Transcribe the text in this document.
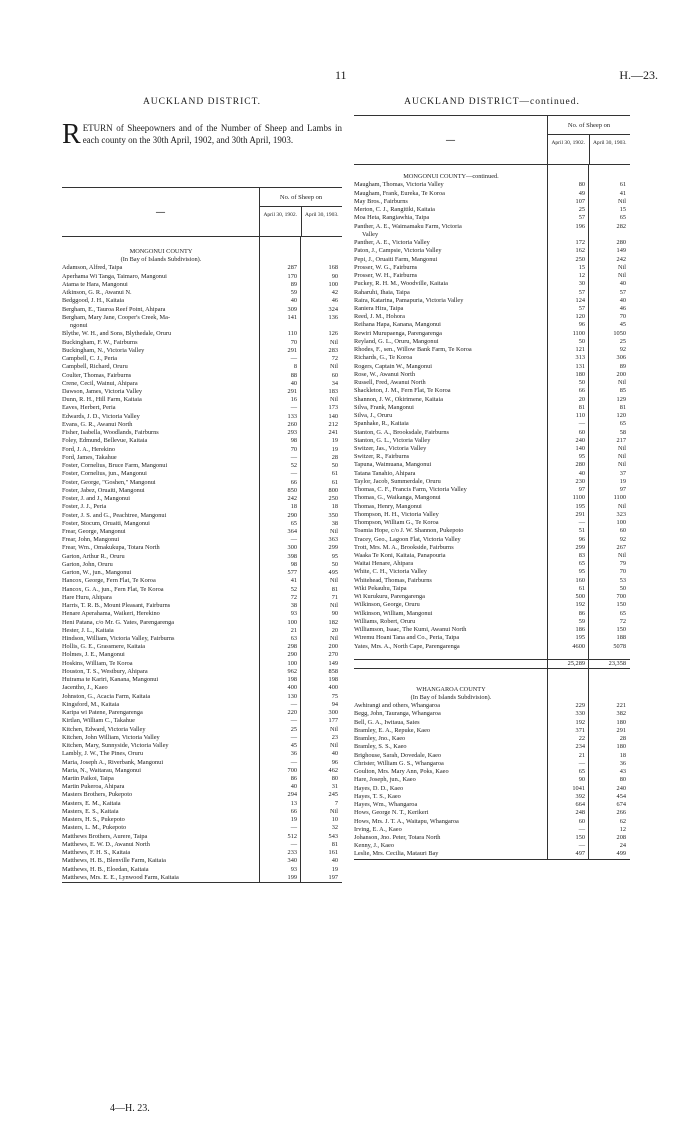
11	H.—23.
AUCKLAND DISTRICT.
RETURN of Sheepowners and of the Number of Sheep and Lambs in each county on the 30th April, 1902, and 30th April, 1903.
—
No. of Sheep on
April 30, 1902.	April 30, 1903.
MONGONUI COUNTY
(In Bay of Islands Subdivision).
Adamson, Alfred, Taipa	287	168
Aperhama Wi Tanga, Taimaro, Mangonui	170	90
Atama te Hara, Mangonui	89	100
Atkinson, G. R., Awanui N.	59	42
Bedggood, J. H., Kaitaia	40	46
Bergham, E., Tauroa Reef Point, Ahipara	309	324
Bergham, Mary Jane, Cooper's Creek, Ma-	141	136
ngonui
Blythe, W. H., and Sons, Blythedale, Oruru	110	126
Buckingham, F. W., Fairburns	70	Nil
Buckingham, N., Victoria Valley	291	283
Campbell, C. J., Peria	—	72
Campbell, Richard, Oruru	8	Nil
Coulter, Thomas, Fairburns	88	60
Crene, Cecil, Wainui, Ahipara	40	34
Dawson, James, Victoria Valley	291	183
Dunn, R. H., Hill Farm, Kaitaia	16	Nil
Eaves, Herbert, Peria	—	173
Edwards, J. D., Victoria Valley	133	140
Evans, G. R., Awanui North	260	212
Fisher, Isabella, Woodlands, Fairburns	293	241
Foley, Edmund, Bellevue, Kaitaia	98	19
Ford, J. A., Herekino	70	19
Ford, James, Takahue	—	28
Foster, Cornelius, Bruce Farm, Mangonui	52	50
Foster, Cornelius, jun., Mangonui	—	61
Foster, George, "Goshen," Mangonui	66	61
Foster, Jabez, Oruaiti, Mangonui	850	800
Foster, J. and J., Mangonui	242	250
Foster, J. J., Peria	18	18
Foster, J. S. and G., Peachtree, Mangonui	290	350
Foster, Stocum, Oruaiti, Mangonui	65	38
Frear, George, Mangonui	364	Nil
Frear, John, Mangonui	—	363
Frear, Wm., Omakukupa, Totara North	300	299
Garton, Arthur R., Oruru	398	95
Garton, John, Oruru	98	50
Garton, W., jun., Mangonui	577	495
Hancox, George, Fern Flat, Te Koroa	41	Nil
Hancox, G. A., jun., Fern Flat, Te Koroa	52	81
Hare Huru, Ahipara	72	71
Harris, T. R. B., Mount Pleasant, Fairburns	38	Nil
Henare Aperahama, Waikeri, Herekino	93	90
Heni Patana, c/o Mr. G. Yates, Parengarenga	100	182
Hester, J. L., Kaitaia	21	20
Hindson, William, Victoria Valley, Fairburns	63	Nil
Hollis, G. E., Grassmere, Kaitaia	298	200
Holmes, J. E., Mangonui	290	270
Hoskins, William, Te Koroa	100	149
Houston, T. S., Westbury, Ahipara	962	858
Huirama te Kariri, Kanana, Mangonui	198	198
Jacentho, J., Kaeo	400	400
Johnston, G., Acacia Farm, Kaitaia	130	75
Kingsford, M., Kaitaia	—	94
Karipa wi Patene, Parengarenga	220	300
Kirtlan, William C., Takahue	—	177
Kitchen, Edward, Victoria Valley	25	Nil
Kitchen, John William, Victoria Valley	—	23
Kitchen, Mary, Sunnyside, Victoria Valley	45	Nil
Lambly, J. W., The Pines, Oruru	36	40
Maria, Joseph A., Riverbank, Mangonui	—	96
Maria, N., Waitarau, Mangonui	700	462
Martin Paikoi, Taipa	86	80
Martin Pukeroa, Ahipara	40	31
Masters Brothers, Pukepoto	294	245
Masters, E. M., Kaitaia	13	7
Masters, E. S., Kaitaia	66	Nil
Masters, H. S., Pukepoto	19	10
Masters, L. M., Pukepoto	—	32
Matthews Brothers, Aurere, Taipa	512	543
Matthews, E. W. D., Awanui North	—	81
Matthews, F. H. S., Kaitaia	233	161
Matthews, H. B., Blenville Farm, Kaitaia	340	40
Matthews, H. B., Eloedan, Kaitaia	93	19
Matthews, Mrs. E. E., Lynwood Farm, Kaitaia	199	197
AUCKLAND DISTRICT—continued.
—
No. of Sheep on
April 30, 1902.	April 30, 1903.
MONGONUI COUNTY—continued.
Maugham, Thomas, Victoria Valley	80	61
Maugham, Frank, Eureka, Te Koroa	49	41
May Bros., Fairburns	107	Nil
Merton, C. J., Rangitiki, Kaitaia	25	15
Moa Heta, Rangiawhia, Taipa	57	65
Panther, A. E., Waimamaku Farm, Victoria	196	282
Valley
Panther, A. E., Victoria Valley	172	280
Paton, J., Campsie, Victoria Valley	162	149
Pepi, J., Oruaiti Farm, Mangonui	250	242
Prosser, W. G., Fairburns	15	Nil
Prosser, W. H., Fairburns	12	Nil
Puckey, R. H. M., Woodville, Kaitaia	30	40
Raharuhi, Ihaia, Taipa	57	57
Raira, Katarina, Pamapuria, Victoria Valley	124	40
Raniera Hira, Taipa	57	46
Reed, J. M., Hohora	120	70
Reihana Hapa, Kanana, Mangonui	96	45
Rewiri Murupaenga, Parengarenga	1100	1050
Reyland, G. L., Oruru, Mangonui	50	25
Rhodes, F., sen., Willow Bank Farm, Te Koroa	121	92
Richards, G., Te Koroa	313	306
Rogers, Captain W., Mangonui	131	89
Rose, W., Awanui North	180	200
Russell, Fred, Awanui North	50	Nil
Shackleton, J. M., Fern Flat, Te Koroa	66	85
Shannon, J. W., Okirimene, Kaitaia	20	129
Silva, Frank, Mangonui	81	81
Silva, J., Oruru	110	120
Spanhake, R., Kaitaia	—	65
Stanton, G. A., Brooksdale, Fairburns	60	58
Stanton, G. L., Victoria Valley	240	217
Switzer, Jas., Victoria Valley	140	Nil
Switzer, R., Fairburns	95	Nil
Tapuna, Waimuana, Mangonui	280	Nil
Tatana Tanahio, Ahipara	40	37
Taylor, Jacob, Summerdale, Oruru	230	19
Thomas, C. F., Francis Farm, Victoria Valley	97	97
Thomas, G., Waikanga, Mangonui	1100	1100
Thomas, Henry, Mangonui	195	Nil
Thompson, H. H., Victoria Valley	291	323
Thompson, William G., Te Koroa	—	100
Toamia Hope, c/o J. W. Shannon, Pukepoto	51	60
Tracey, Geo., Lagoon Flat, Victoria Valley	96	92
Trott, Mrs. M. A., Brookside, Fairburns	299	267
Waaka Te Koni, Kaitaia, Panapouria	83	Nil
Waitai Henare, Ahipara	65	79
White, C. H., Victoria Valley	95	70
Whitehead, Thomas, Fairburns	160	53
Wiki Pekauhu, Taipa	61	50
Wi Kurukuru, Parengarenga	500	700
Wilkinson, George, Oruru	192	150
Wilkinson, William, Mangonui	86	65
Williams, Robert, Oruru	59	72
Williamson, Isaac, The Kumi, Awanui North	186	150
Wiremu Hoani Tana and Co., Peria, Taipa	195	188
Yates, Mrs. A., North Cape, Parengarenga	4600	5078
25,289	23,358
WHANGAROA COUNTY
(In Bay of Islands Subdivision).
Awhirangi and others, Whangaroa	229	221
Begg, John, Tauranga, Whangaroa	330	382
Bell, G. A., Iwitaua, Saies	192	180
Bramley, E. A., Repuke, Kaeo	371	291
Bramley, Jno., Kaeo	22	28
Bramley, S. S., Kaeo	234	180
Brighouse, Sarah, Dovedale, Kaeo	21	18
Christer, William G. S., Whangaroa	—	36
Goulton, Mrs. Mary Ann, Poks, Kaeo	65	43
Hare, Joseph, jun., Kaeo	90	80
Hayes, D. D., Kaeo	1041	240
Hayes, T. S., Kaeo	392	454
Hayes, Wm., Whangaroa	664	674
Hows, George N. T., Kerikeri	248	266
Hows, Mrs. J. T. A., Waitapu, Whangaroa	60	62
Irving, E. A., Kaeo	—	12
Johanson, Jno. Peter, Totara North	150	208
Kenny, J., Kaeo	—	24
Leslie, Mrs. Cecilia, Matauri Bay	497	499
4—H. 23.
